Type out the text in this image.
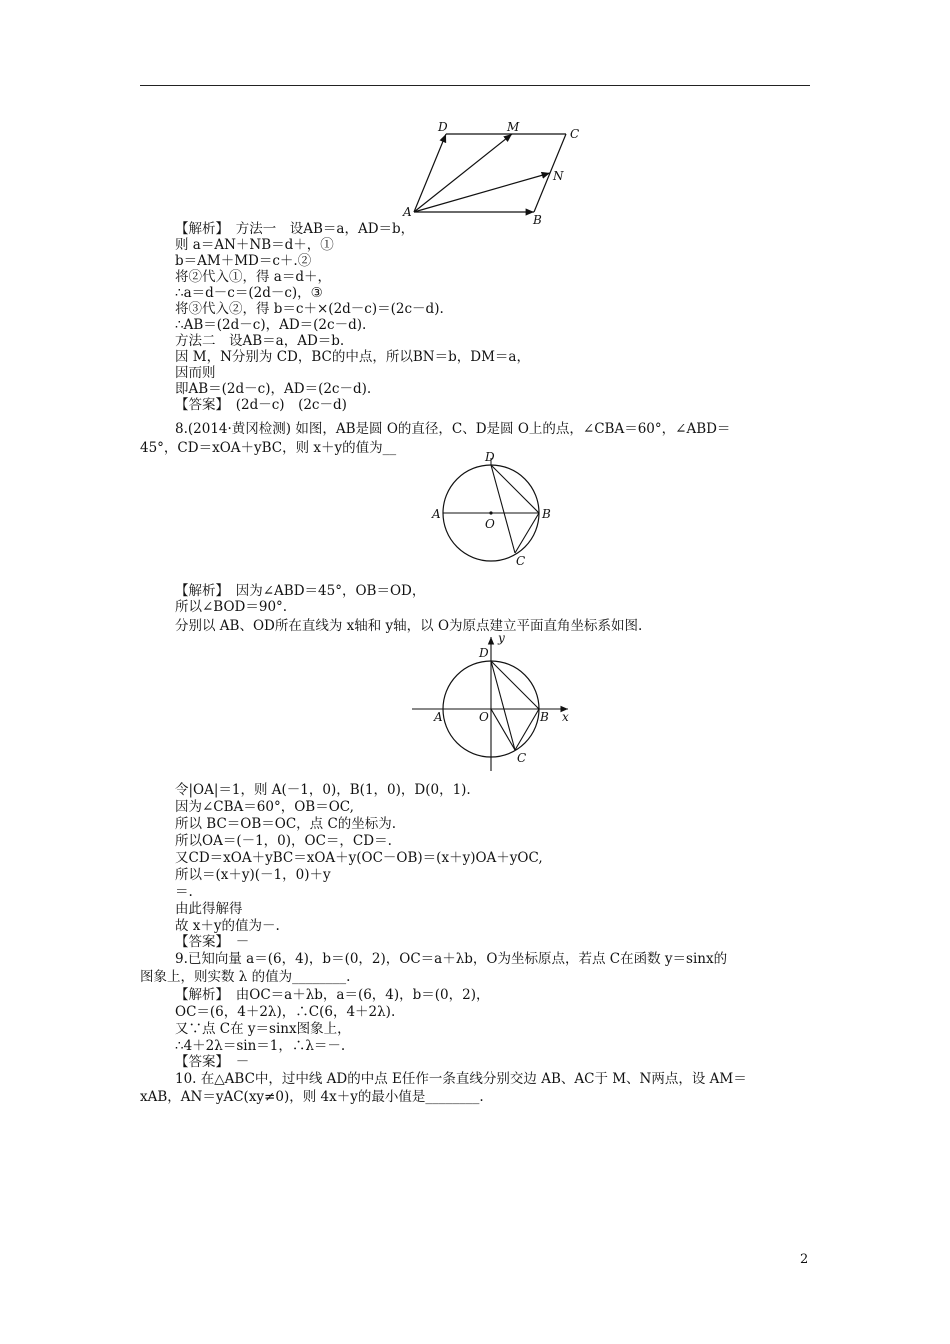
D	M	C
N
A
B
【解析】　方法一　设AB＝a，AD＝b，
则 a＝AN＋NB＝d＋，①
b＝AM＋MD＝c＋.②
将②代入①，得 a＝d＋，
∴a＝d－c＝(2d－c)，③
将③代入②，得 b＝c＋×(2d－c)＝(2c－d).
∴AB＝(2d－c)，AD＝(2c－d).
方法二　设AB＝a，AD＝b.
因 M，N分别为 CD，BC的中点，所以BN＝b，DM＝a，
因而则
即AB＝(2d－c)，AD＝(2c－d).
【答案】　(2d－c)　(2c－d)
8.(2014·黄冈检测) 如图，AB是圆 O的直径，C、D是圆 O上的点，∠CBA＝60°，∠ABD＝
45°，CD＝xOA＋yBC，则 x＋y的值为__
D
A
O
B
C
【解析】　因为∠ABD＝45°，OB＝OD，
所以∠BOD＝90°.
分别以 AB、OD所在直线为 x轴和 y轴，以 O为原点建立平面直角坐标系如图.
y
D
A	O	B x
C
令|OA|＝1，则 A(－1，0)，B(1，0)，D(0，1).
因为∠CBA＝60°，OB＝OC,
所以 BC＝OB＝OC，点 C的坐标为.
所以OA＝(－1，0)，OC＝，CD＝.
又CD＝xOA＋yBC＝xOA＋y(OC－OB)＝(x＋y)OA＋yOC,
所以＝(x＋y)(－1，0)＋y
＝.
由此得解得
故 x＋y的值为－.
【答案】　－
9.已知向量 a＝(6，4)，b＝(0，2)，OC＝a＋λb，O为坐标原点，若点 C在函数 y＝sinx的
图象上，则实数 λ 的值为________.
【解析】　由OC＝a＋λb，a＝(6，4)，b＝(0，2)，
OC＝(6，4＋2λ)，∴C(6，4＋2λ).
又∵点 C在 y＝sinx图象上，
∴4＋2λ＝sin＝1，∴λ＝－.
【答案】　－
10. 在△ABC中，过中线 AD的中点 E任作一条直线分别交边 AB、AC于 M、N两点，设 AM＝
xAB，AN＝yAC(xy≠0)，则 4x＋y的最小值是________.
2
